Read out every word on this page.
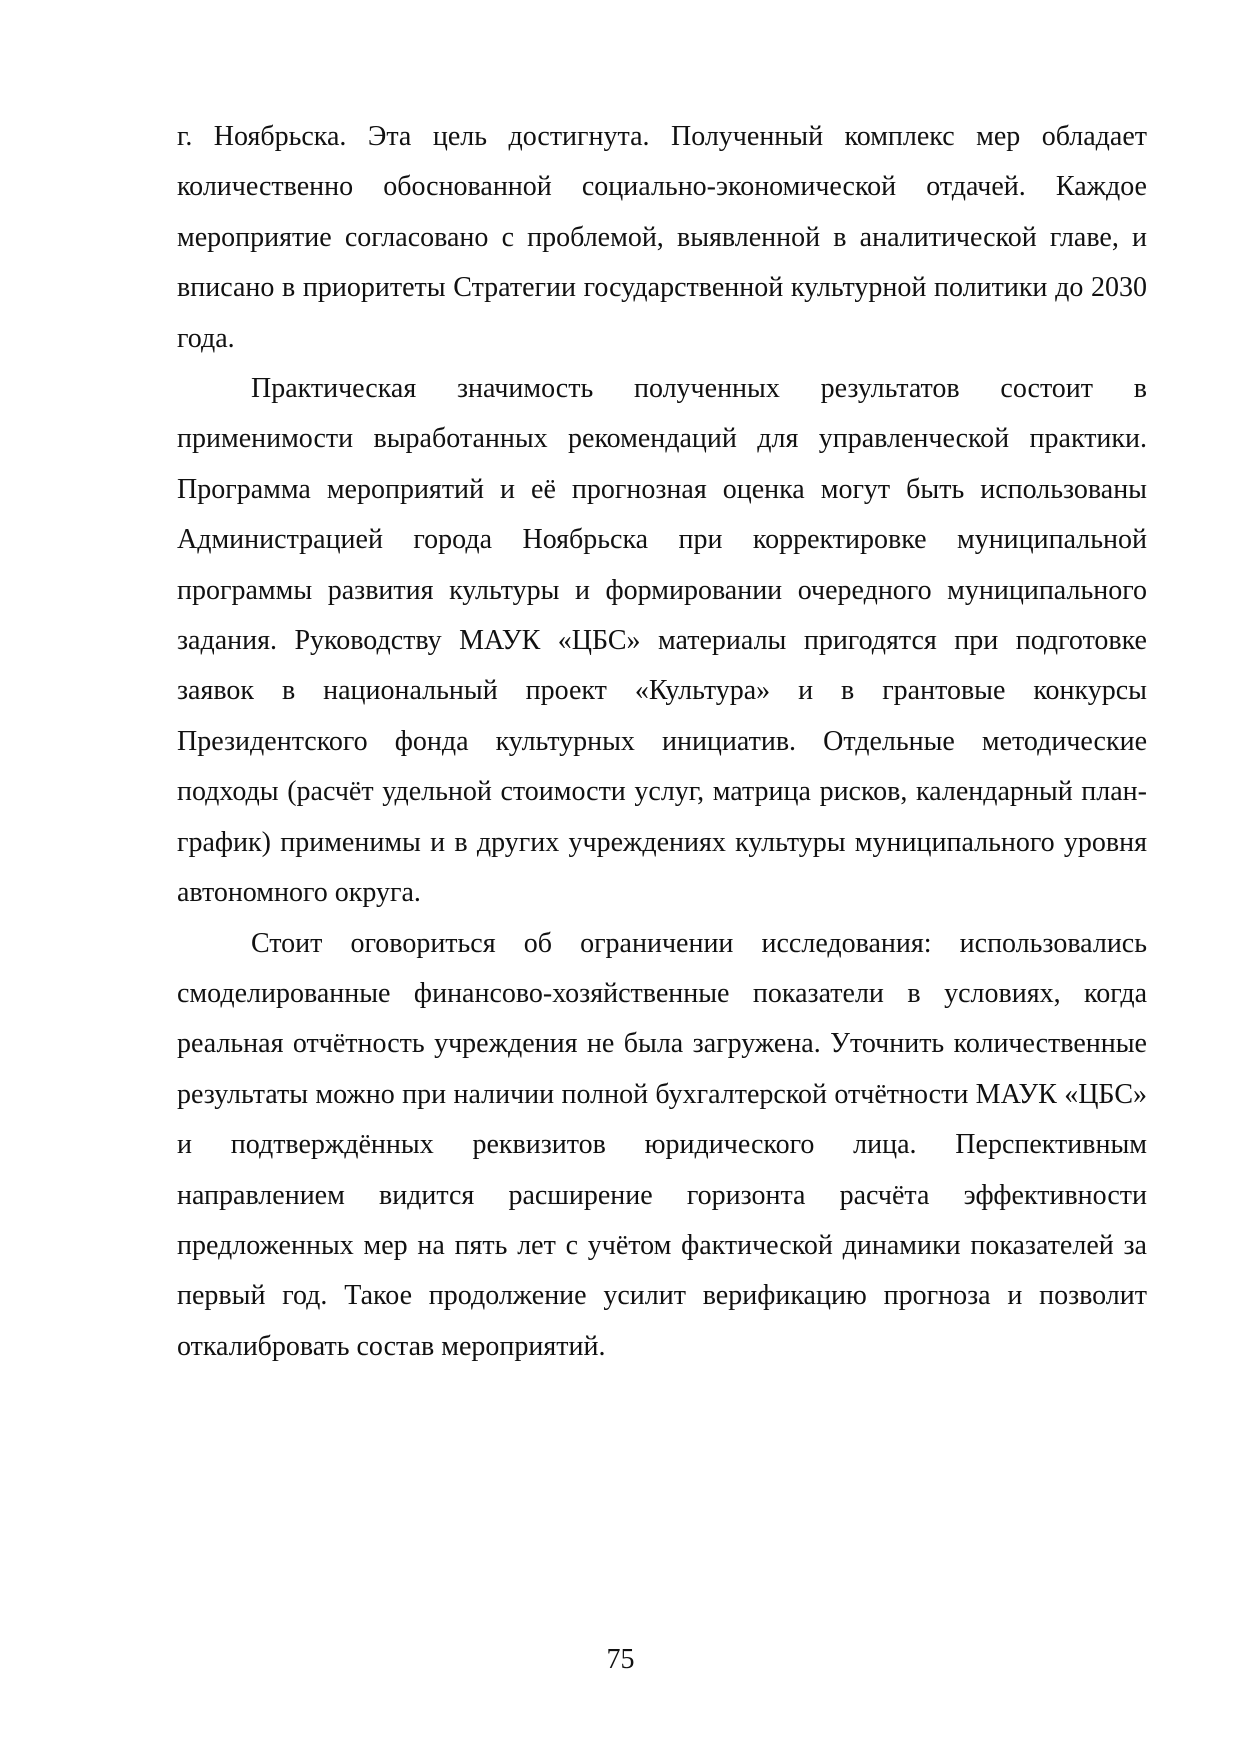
г. Ноябрьска. Эта цель достигнута. Полученный комплекс мер обладает количественно обоснованной социально-экономической отдачей. Каждое мероприятие согласовано с проблемой, выявленной в аналитической главе, и вписано в приоритеты Стратегии государственной культурной политики до 2030 года.

Практическая значимость полученных результатов состоит в применимости выработанных рекомендаций для управленческой практики. Программа мероприятий и её прогнозная оценка могут быть использованы Администрацией города Ноябрьска при корректировке муниципальной программы развития культуры и формировании очередного муниципального задания. Руководству МАУК «ЦБС» материалы пригодятся при подготовке заявок в национальный проект «Культура» и в грантовые конкурсы Президентского фонда культурных инициатив. Отдельные методические подходы (расчёт удельной стоимости услуг, матрица рисков, календарный план-график) применимы и в других учреждениях культуры муниципального уровня автономного округа.

Стоит оговориться об ограничении исследования: использовались смоделированные финансово-хозяйственные показатели в условиях, когда реальная отчётность учреждения не была загружена. Уточнить количественные результаты можно при наличии полной бухгалтерской отчётности МАУК «ЦБС» и подтверждённых реквизитов юридического лица. Перспективным направлением видится расширение горизонта расчёта эффективности предложенных мер на пять лет с учётом фактической динамики показателей за первый год. Такое продолжение усилит верификацию прогноза и позволит откалибровать состав мероприятий.

75
